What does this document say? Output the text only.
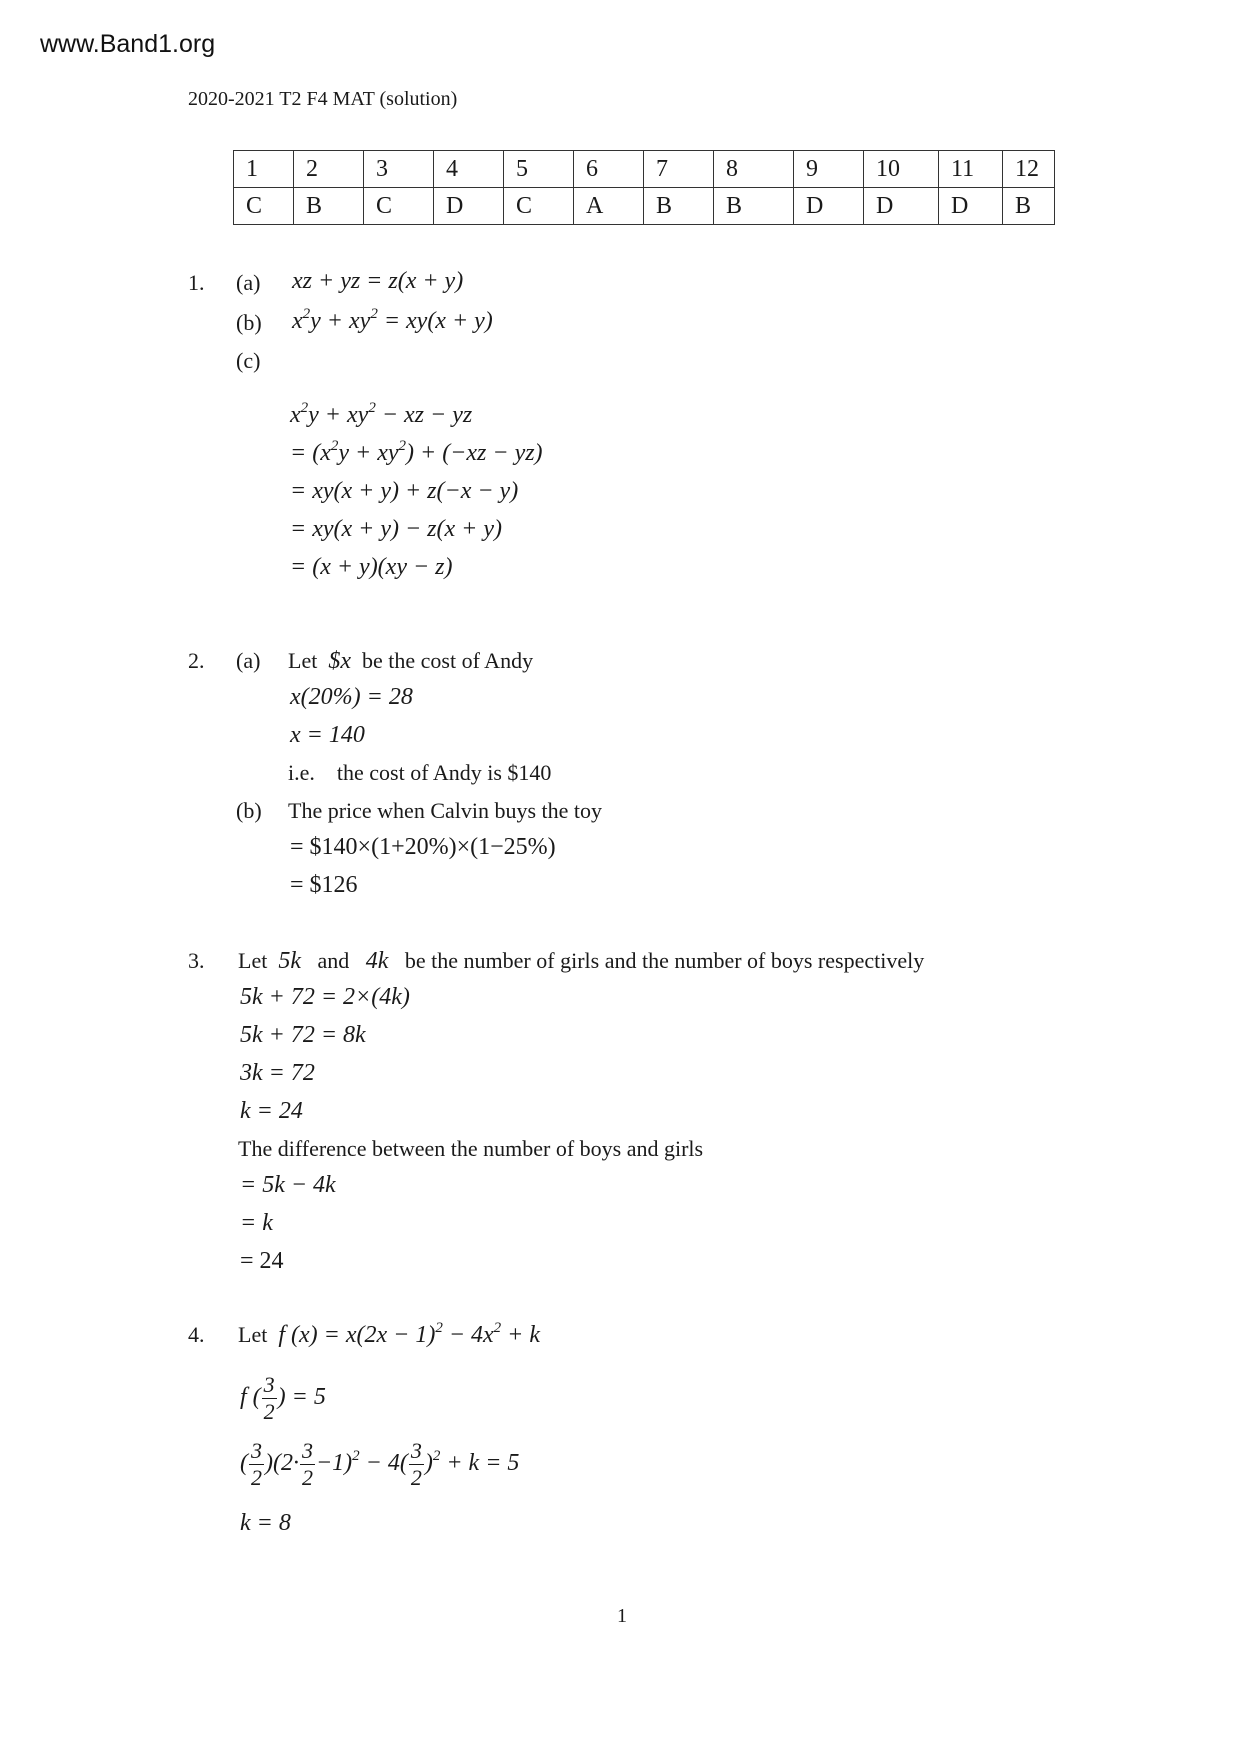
www.Band1.org
2020-2021 T2 F4 MAT (solution)
1	2	3	4	5	6	7	8	9	10	11	12
C	B	C	D	C	A	B	B	D	D	D	B
1. (a) xz + yz = z(x + y)
(b) $x^2y + xy^2 = xy(x + y)$
(c)
$x^2y + xy^2$ − xz − yz
= $(x^2y + xy^2) + (-xz - yz)$
= xy(x + y) + z(−x − y)
= xy(x + y) − z(x + y)
= (x + y)(xy − z)
2. (a) Let $x be the cost of Andy
x(20%) = 28
x = 140
i.e. the cost of Andy is $140
(b) The price when Calvin buys the toy
= $140×(1+20%)×(1−25%)
= $126
3. Let 5k and 4k be the number of girls and the number of boys respectively
5k + 72 = 2×(4k)
5k + 72 = 8k
3k = 72
k = 24
The difference between the number of boys and girls
= 5k − 4k
= k
= 24
4. Let f $(x) = x(2x - 1)^2 - 4x^2 + k$
f ( $\frac{3}{2}$ ) = 5
( $\frac{3}{2} )(2\cdot \frac{3}{2} -1)^2 - 4( \frac{3}{2} )^2 + k = 5$
k = 8
1
